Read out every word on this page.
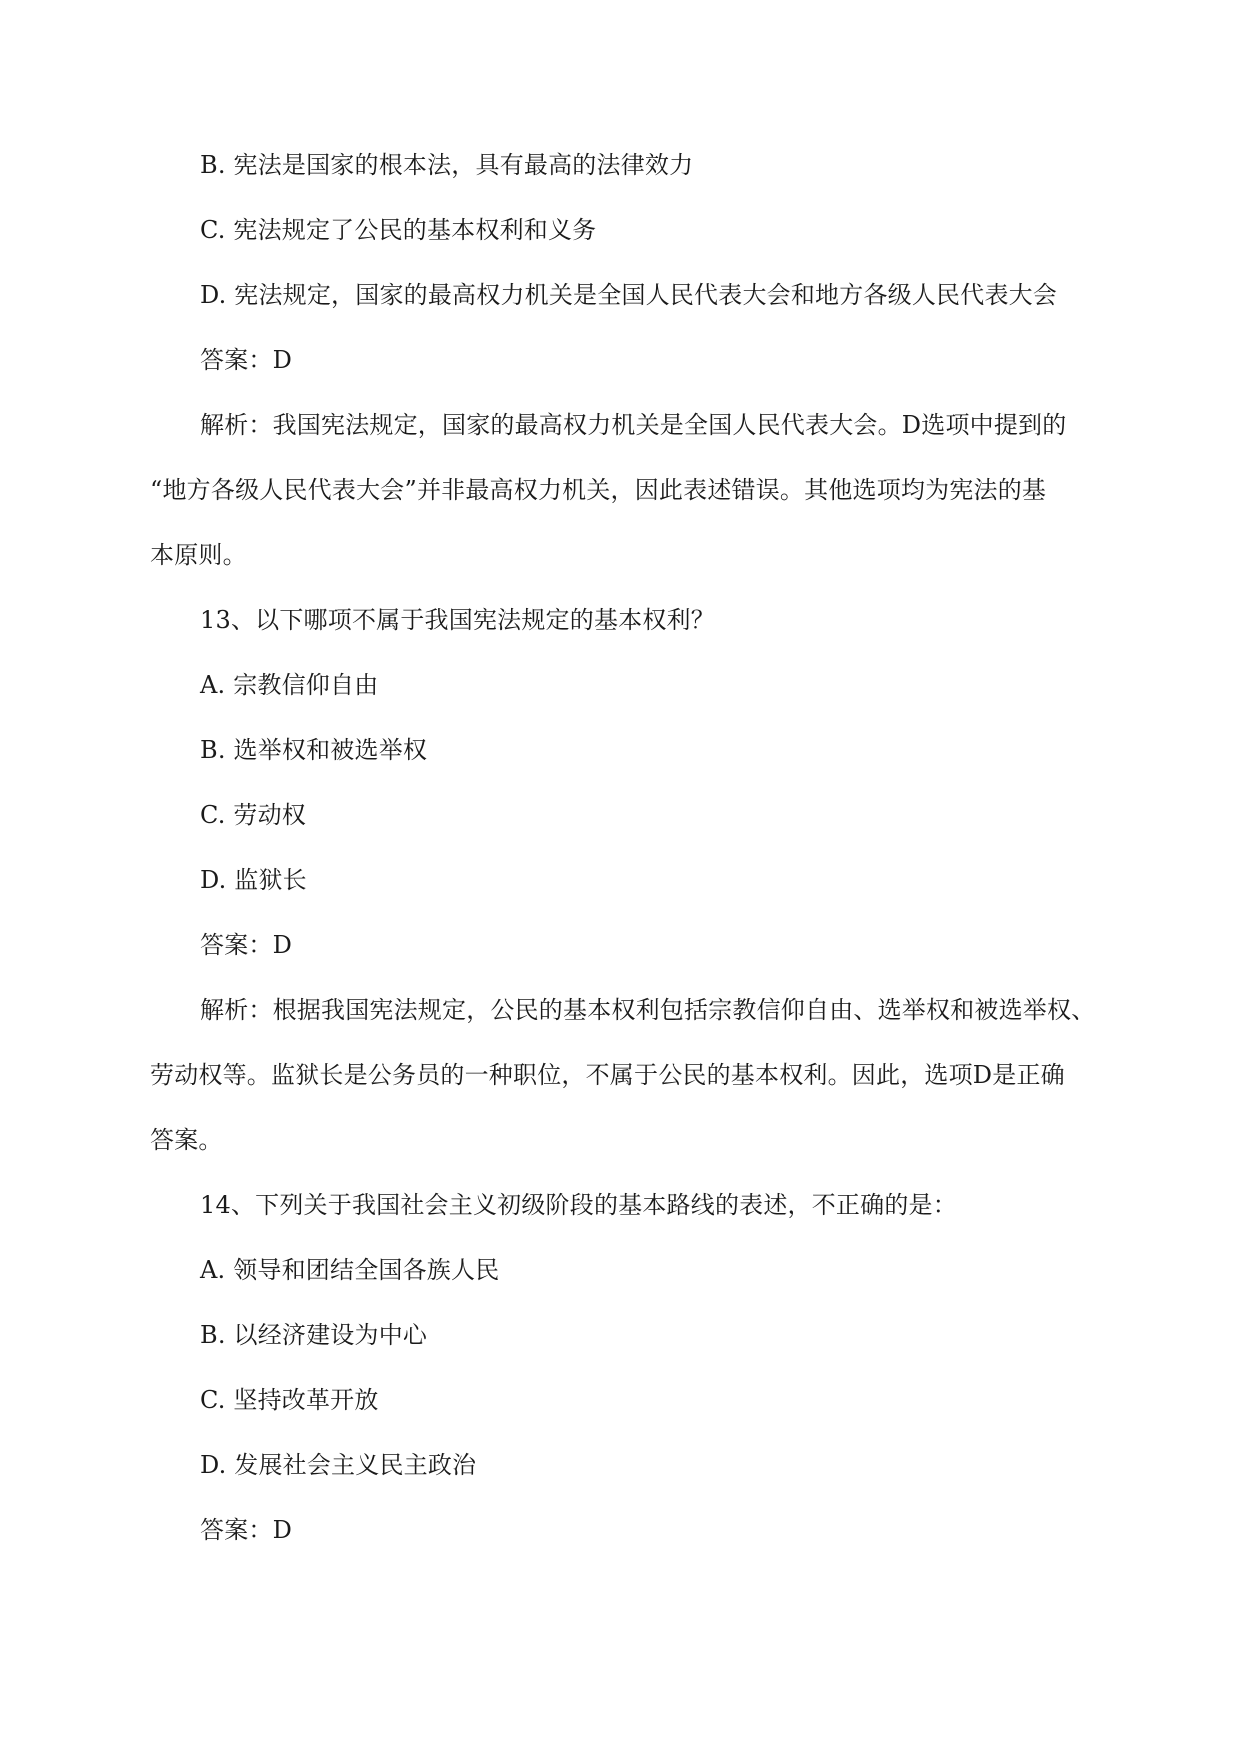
B. 宪法是国家的根本法，具有最高的法律效力
C. 宪法规定了公民的基本权利和义务
D. 宪法规定，国家的最高权力机关是全国人民代表大会和地方各级人民代表大会
答案：D
解析：我国宪法规定，国家的最高权力机关是全国人民代表大会。D选项中提到的
“地方各级人民代表大会”并非最高权力机关，因此表述错误。其他选项均为宪法的基
本原则。
13、以下哪项不属于我国宪法规定的基本权利？
A. 宗教信仰自由
B. 选举权和被选举权
C. 劳动权
D. 监狱长
答案：D
解析：根据我国宪法规定，公民的基本权利包括宗教信仰自由、选举权和被选举权、
劳动权等。监狱长是公务员的一种职位，不属于公民的基本权利。因此，选项D是正确
答案。
14、下列关于我国社会主义初级阶段的基本路线的表述，不正确的是：
A. 领导和团结全国各族人民
B. 以经济建设为中心
C. 坚持改革开放
D. 发展社会主义民主政治
答案：D
